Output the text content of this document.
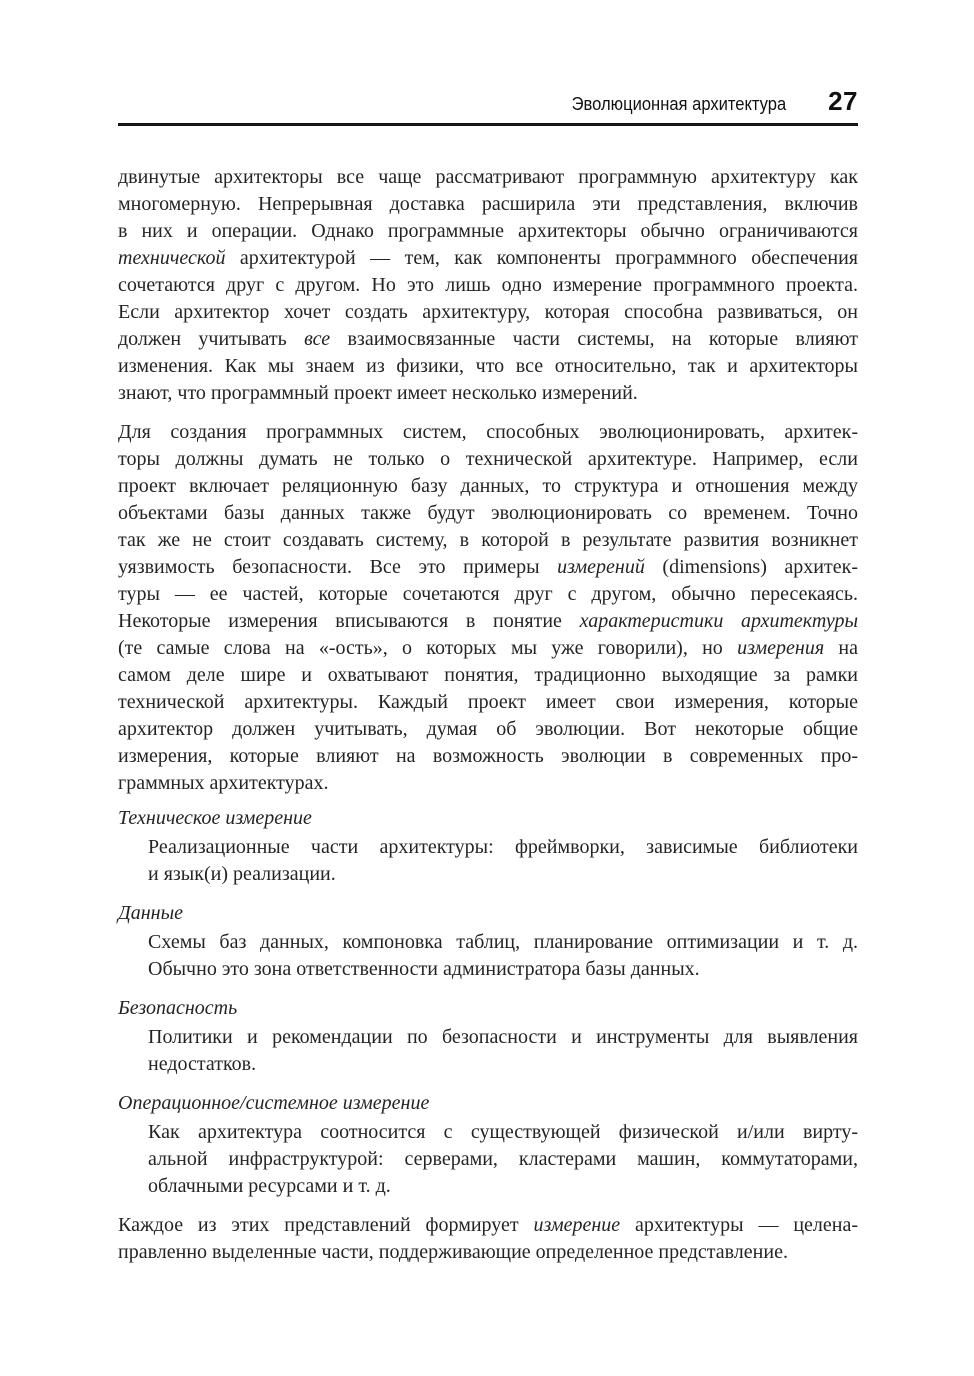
Эволюционная архитектура 27
двинутые архитекторы все чаще рассматривают программную архитектуру как
многомерную. Непрерывная доставка расширила эти представления, включив
в них и операции. Однако программные архитекторы обычно ограничиваются
технической архитектурой — тем, как компоненты программного обеспечения
сочетаются друг с другом. Но это лишь одно измерение программного проекта.
Если архитектор хочет создать архитектуру, которая способна развиваться, он
должен учитывать все взаимосвязанные части системы, на которые влияют
изменения. Как мы знаем из физики, что все относительно, так и архитекторы
знают, что программный проект имеет несколько измерений.
Для создания программных систем, способных эволюционировать, архитек-
торы должны думать не только о технической архитектуре. Например, если
проект включает реляционную базу данных, то структура и отношения между
объектами базы данных также будут эволюционировать со временем. Точно
так же не стоит создавать систему, в которой в результате развития возникнет
уязвимость безопасности. Все это примеры измерений (dimensions) архитек-
туры — ее частей, которые сочетаются друг с другом, обычно пересекаясь.
Некоторые измерения вписываются в понятие характеристики архитектуры
(те самые слова на «-ость», о которых мы уже говорили), но измерения на
самом деле шире и охватывают понятия, традиционно выходящие за рамки
технической архитектуры. Каждый проект имеет свои измерения, которые
архитектор должен учитывать, думая об эволюции. Вот некоторые общие
измерения, которые влияют на возможность эволюции в современных про-
граммных архитектурах.
Техническое измерение
Реализационные части архитектуры: фреймворки, зависимые библиотеки
и язык(и) реализации.
Данные
Схемы баз данных, компоновка таблиц, планирование оптимизации и т. д.
Обычно это зона ответственности администратора базы данных.
Безопасность
Политики и рекомендации по безопасности и инструменты для выявления
недостатков.
Операционное/системное измерение
Как архитектура соотносится с существующей физической и/или вирту-
альной инфраструктурой: серверами, кластерами машин, коммутаторами,
облачными ресурсами и т. д.
Каждое из этих представлений формирует измерение архитектуры — целена-
правленно выделенные части, поддерживающие определенное представление.
